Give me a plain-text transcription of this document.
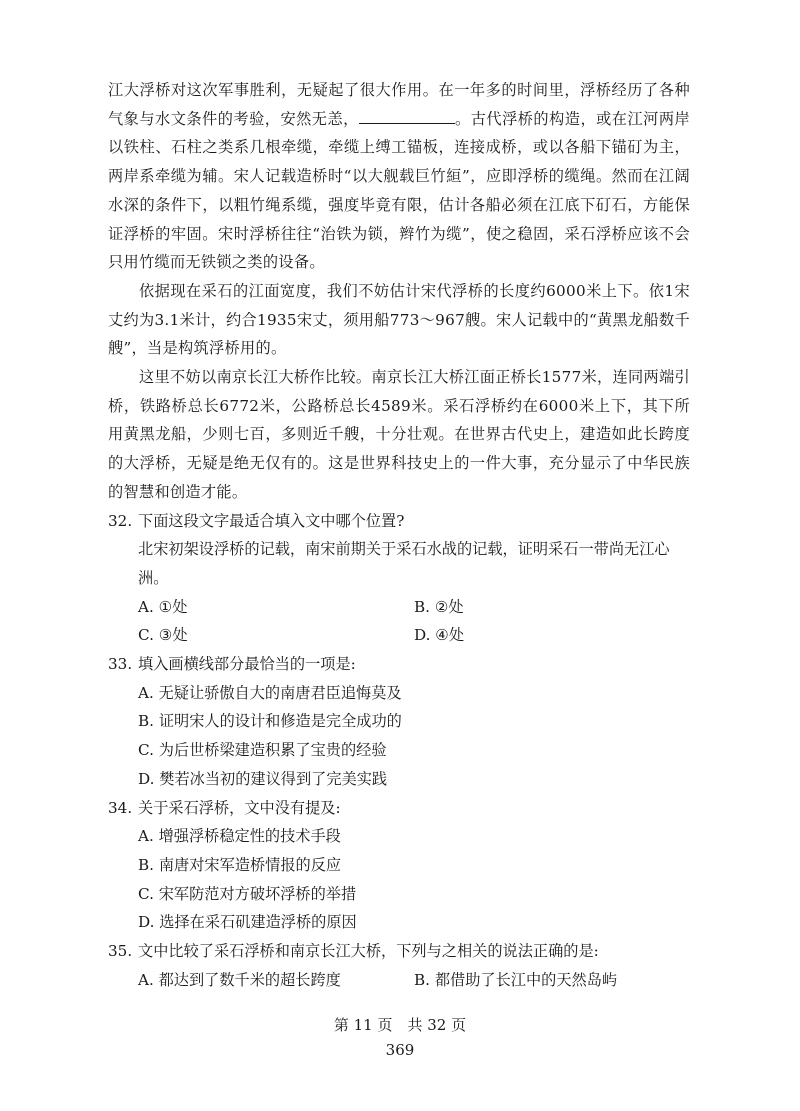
江大浮桥对这次军事胜利，无疑起了很大作用。在一年多的时间里，浮桥经历了各种气象与水文条件的考验，安然无恙，	。古代浮桥的构造，或在江河两岸以铁柱、石柱之类系几根牵缆，牵缆上缚工锚板，连接成桥，或以各船下锚矴为主，两岸系牵缆为辅。宋人记载造桥时“以大舰载巨竹絙”，应即浮桥的缆绳。然而在江阔水深的条件下，以粗竹绳系缆，强度毕竟有限，估计各船必须在江底下矴石，方能保证浮桥的牢固。宋时浮桥往往“治铁为锁，辫竹为缆”，使之稳固，采石浮桥应该不会只用竹缆而无铁锁之类的设备。

依据现在采石的江面宽度，我们不妨估计宋代浮桥的长度约6000米上下。依1宋丈约为3.1米计，约合1935宋丈，须用船773～967艘。宋人记载中的“黄黑龙船数千艘”，当是构筑浮桥用的。

这里不妨以南京长江大桥作比较。南京长江大桥江面正桥长1577米，连同两端引桥，铁路桥总长6772米，公路桥总长4589米。采石浮桥约在6000米上下，其下所用黄黑龙船，少则七百，多则近千艘，十分壮观。在世界古代史上，建造如此长跨度的大浮桥，无疑是绝无仅有的。这是世界科技史上的一件大事，充分显示了中华民族的智慧和创造才能。

32. 下面这段文字最适合填入文中哪个位置?

北宋初架设浮桥的记载，南宋前期关于采石水战的记载，证明采石一带尚无江心洲。

A. ①处	B. ②处
C. ③处	D. ④处

33. 填入画横线部分最恰当的一项是:

A. 无疑让骄傲自大的南唐君臣追悔莫及
B. 证明宋人的设计和修造是完全成功的
C. 为后世桥梁建造积累了宝贵的经验
D. 樊若冰当初的建议得到了完美实践

34. 关于采石浮桥，文中没有提及:

A. 增强浮桥稳定性的技术手段
B. 南唐对宋军造桥情报的反应
C. 宋军防范对方破坏浮桥的举措
D. 选择在采石矶建造浮桥的原因

35. 文中比较了采石浮桥和南京长江大桥，下列与之相关的说法正确的是:

A. 都达到了数千米的超长跨度	B. 都借助了长江中的天然岛屿
第 11 页　共 32 页
369
